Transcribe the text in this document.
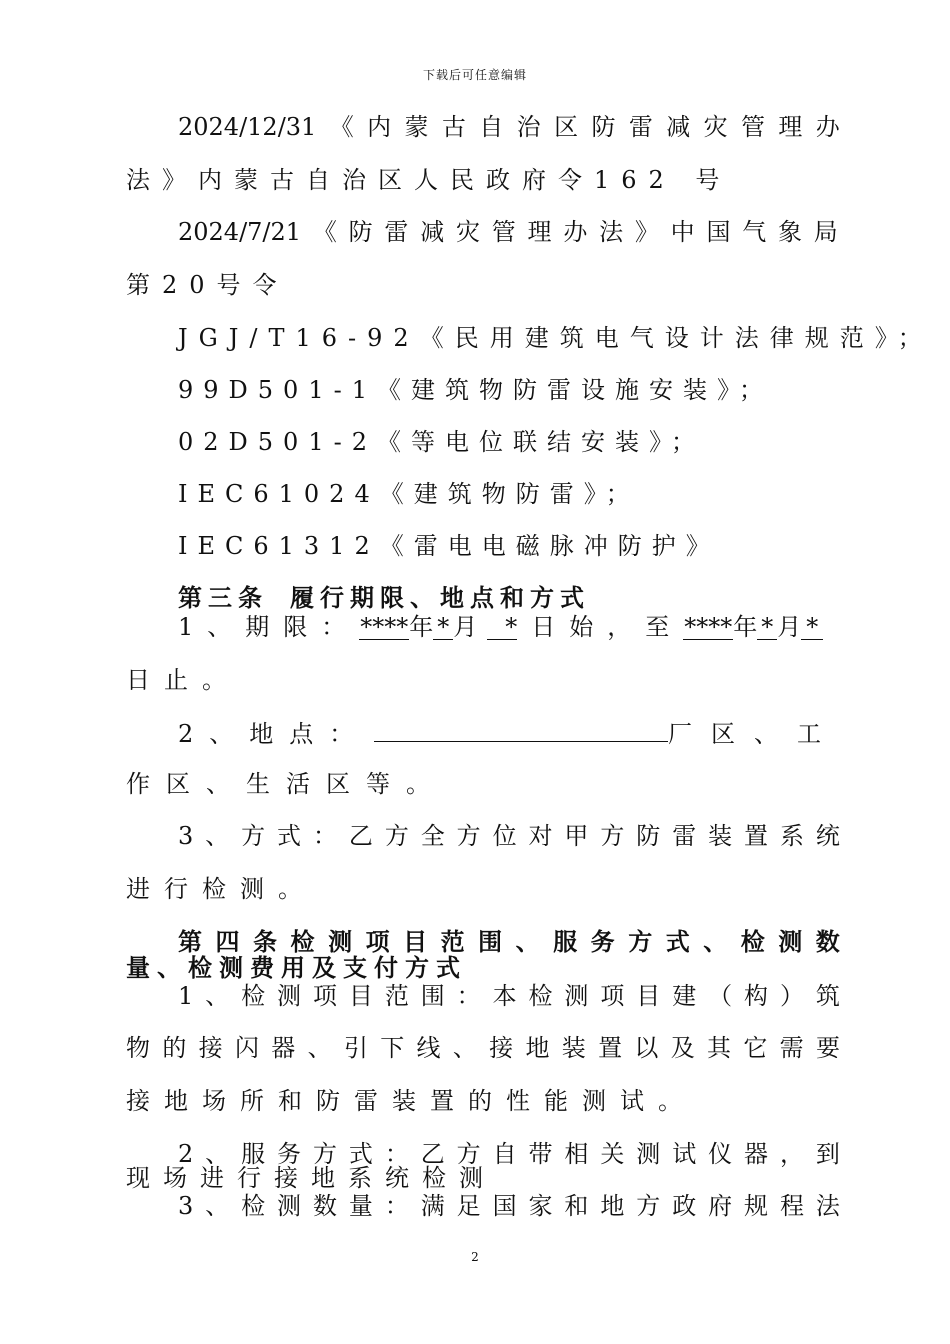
下载后可任意编辑
2024/12/31 《 内 蒙 古 自 治 区 防 雷 减 灾 管 理 办
法》内蒙古自治区人民政府令162 号
2024/7/21 《 防 雷 减 灾 管 理 办 法 》 中 国 气 象 局
第20号令
JGJ/T16-92《民用建筑电气设计法律规范》；
99D501-1《建筑物防雷设施安装》；
02D501-2《等电位联结安装》；
IEC61024《建筑物防雷》；
IEC61312《雷电电磁脉冲防护》
第三条 履行期限、地点和方式
1、期限： **** 年 * 月	* 日始，至 **** 年 * 月 *
日止。
2、地点：	厂区、工
作区、生活区等。
3 、 方 式 ： 乙 方 全 方 位 对 甲 方 防 雷 装 置 系 统
进行检测。
第 四 条 检 测 项 目 范 围 、 服 务 方 式 、 检 测 数
量、检测费用及支付方式
1 、 检 测 项 目 范 围 ： 本 检 测 项 目 建 （ 构 ） 筑
物 的 接 闪 器 、 引 下 线 、 接 地 装 置 以 及 其 它 需 要
接地场所和防雷装置的性能测试。
2 、 服 务 方 式 ： 乙 方 自 带 相 关 测 试 仪 器 ， 到
现场进行接地系统检测
3 、 检 测 数 量 ： 满 足 国 家 和 地 方 政 府 规 程 法
2
